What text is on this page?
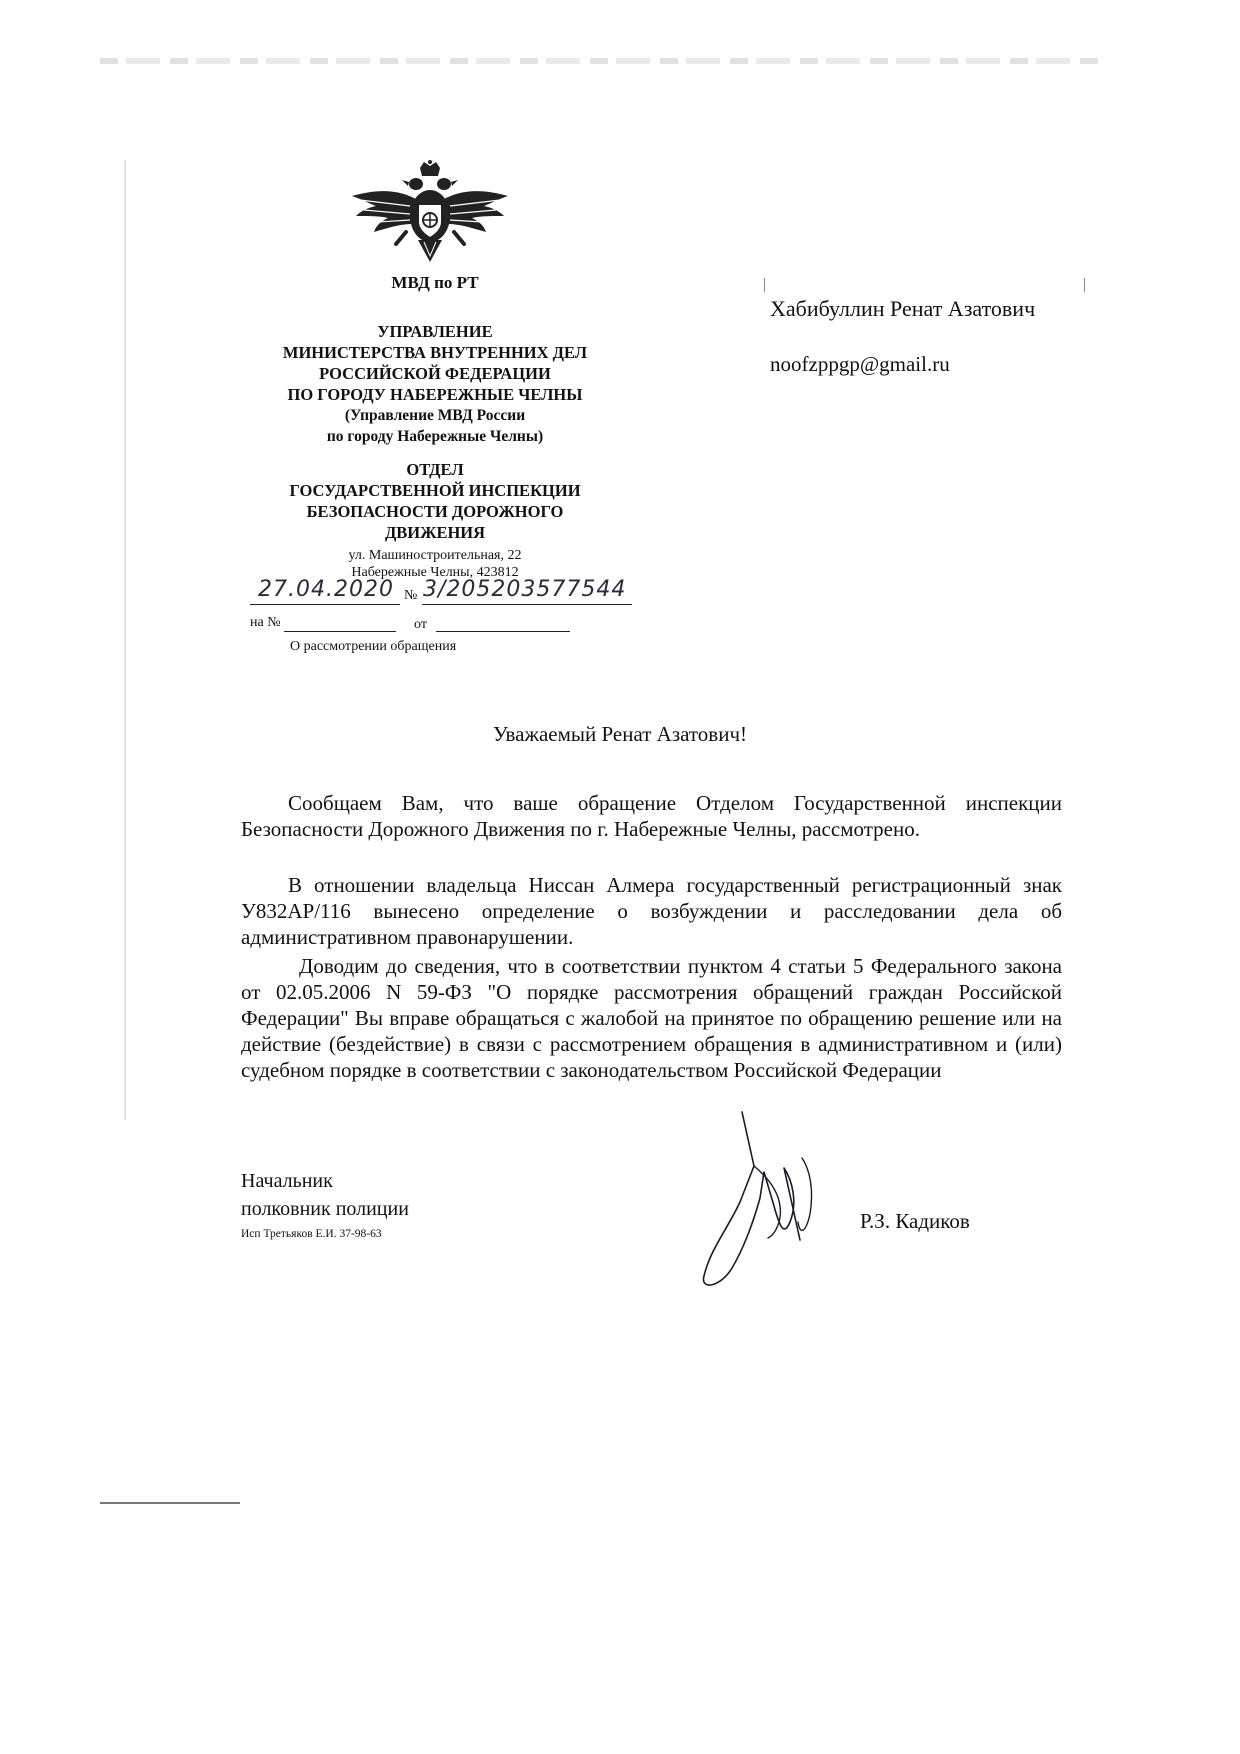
МВД по РТ
УПРАВЛЕНИЕ
МИНИСТЕРСТВА ВНУТРЕННИХ ДЕЛ
РОССИЙСКОЙ ФЕДЕРАЦИИ
ПО ГОРОДУ НАБЕРЕЖНЫЕ ЧЕЛНЫ
(Управление МВД России
по городу Набережные Челны)
ОТДЕЛ
ГОСУДАРСТВЕННОЙ ИНСПЕКЦИИ
БЕЗОПАСНОСТИ ДОРОЖНОГО
ДВИЖЕНИЯ
ул. Машиностроительная, 22
Набережные Челны, 423812
27.04.2020 № 3/205203577544
на №	от
О рассмотрении обращения
Хабибуллин Ренат Азатович
noofzppgp@gmail.ru
Уважаемый Ренат Азатович!
Сообщаем Вам, что ваше обращение Отделом Государственной инспекции Безопасности Дорожного Движения по г. Набережные Челны, рассмотрено.
В отношении владельца Ниссан Алмера государственный регистрационный знак У832АР/116 вынесено определение о возбуждении и расследовании дела об административном правонарушении.
Доводим до сведения, что в соответствии пунктом 4 статьи 5 Федерального закона от 02.05.2006 N 59-ФЗ "О порядке рассмотрения обращений граждан Российской Федерации" Вы вправе обращаться с жалобой на принятое по обращению решение или на действие (бездействие) в связи с рассмотрением обращения в административном и (или) судебном порядке в соответствии с законодательством Российской Федерации
Начальник
полковник полиции
Исп Третьяков Е.И. 37-98-63
Р.З. Кадиков
